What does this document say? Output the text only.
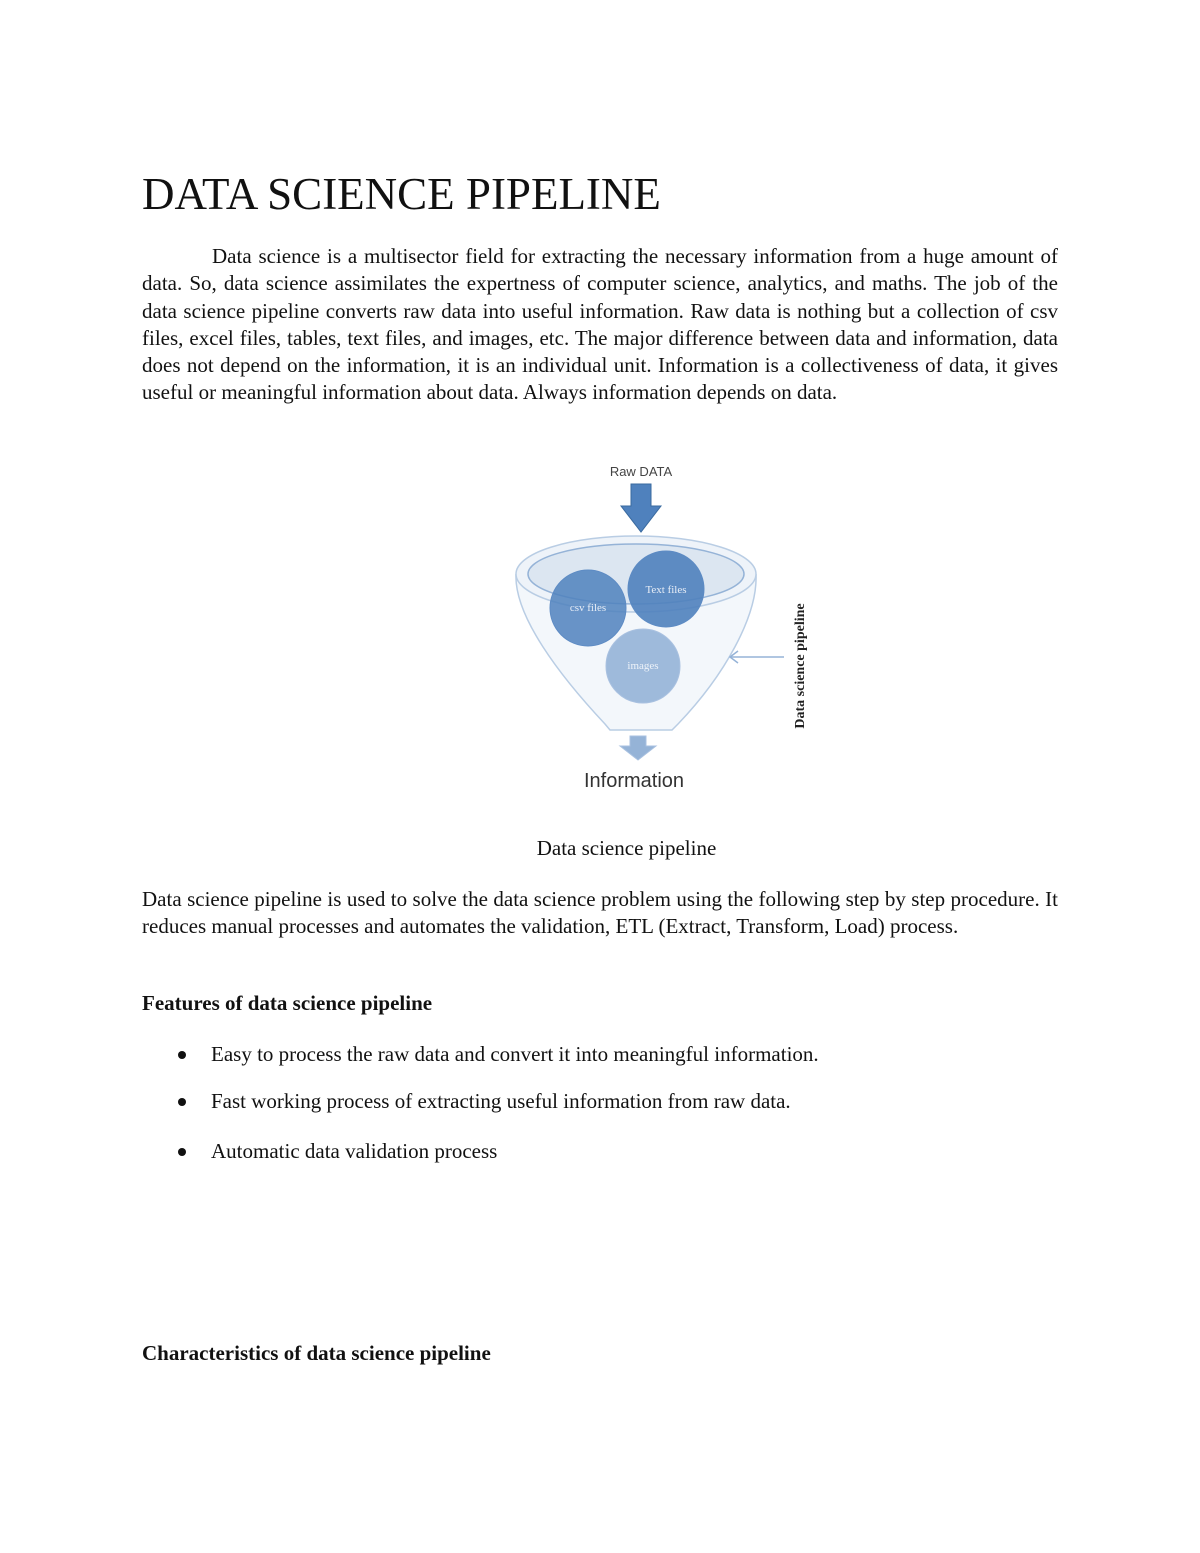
DATA SCIENCE PIPELINE

Data science is a multisector field for extracting the necessary information from a huge amount of data. So, data science assimilates the expertness of computer science, analytics, and maths. The job of the data science pipeline converts raw data into useful information. Raw data is nothing but a collection of csv files, excel files, tables, text files, and images, etc. The major difference between data and information, data does not depend on the information, it is an individual unit. Information is a collectiveness of data, it gives useful or meaningful information about data. Always information depends on data.

Raw DATA
csv files
Text files
images	Data science pipeline
Information

Data science pipeline

Data science pipeline is used to solve the data science problem using the following step by step procedure. It reduces manual processes and automates the validation, ETL (Extract, Transform, Load) process.

Features of data science pipeline
Easy to process the raw data and convert it into meaningful information.
Fast working process of extracting useful information from raw data.
Automatic data validation process
Characteristics of data science pipeline
